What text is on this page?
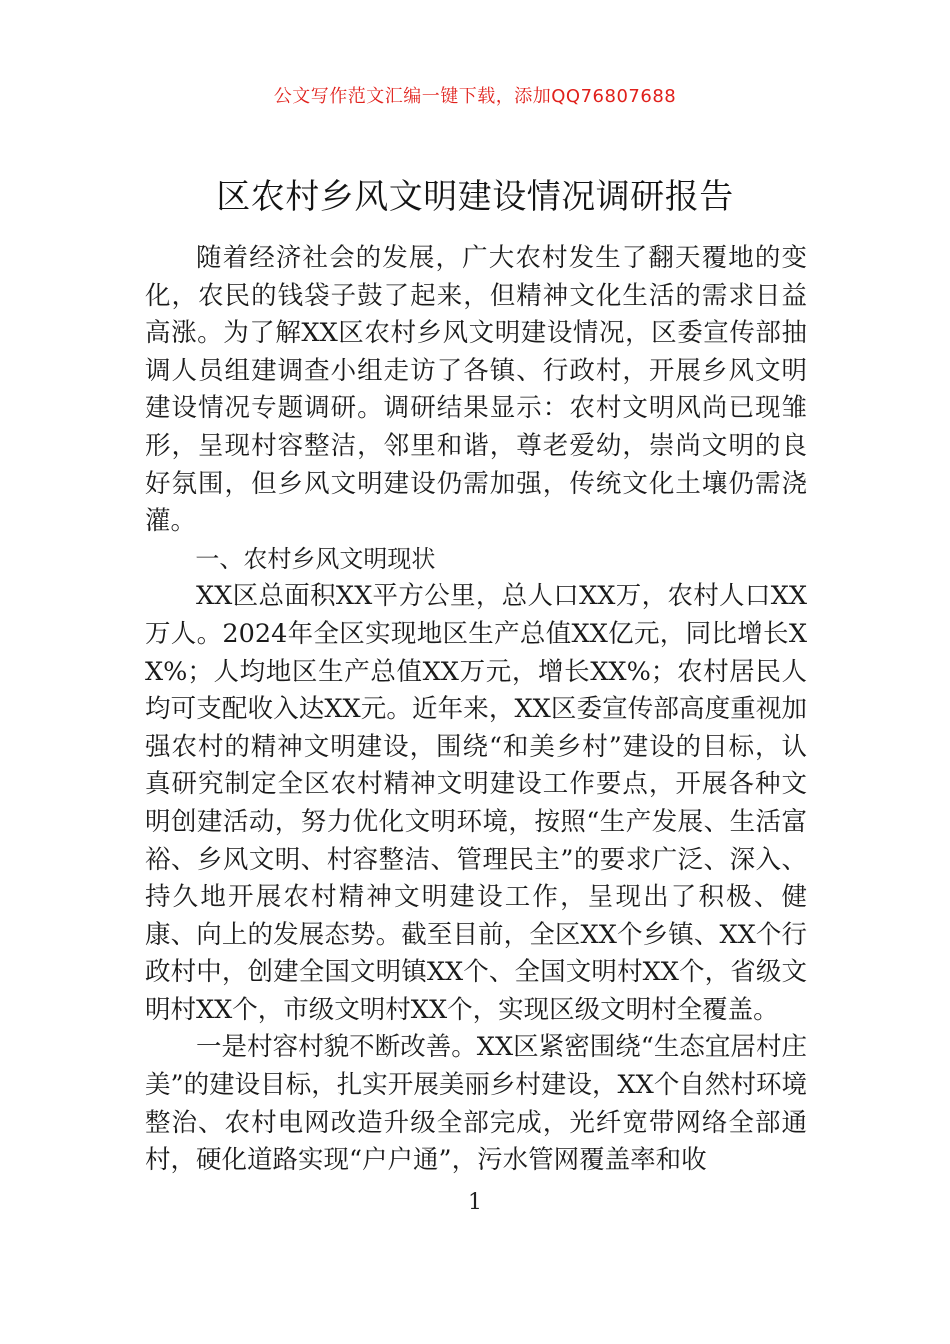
公文写作范文汇编一键下载，添加QQ76807688
区农村乡风文明建设情况调研报告

随着经济社会的发展，广大农村发生了翻天覆地的变化，农民的钱袋子鼓了起来，但精神文化生活的需求日益高涨。为了解XX区农村乡风文明建设情况，区委宣传部抽调人员组建调查小组走访了各镇、行政村，开展乡风文明建设情况专题调研。调研结果显示：农村文明风尚已现雏形，呈现村容整洁，邻里和谐，尊老爱幼，崇尚文明的良好氛围，但乡风文明建设仍需加强，传统文化土壤仍需浇灌。

一、农村乡风文明现状

XX区总面积XX平方公里，总人口XX万，农村人口XX万人。2024年全区实现地区生产总值XX亿元，同比增长XX%；人均地区生产总值XX万元，增长XX%；农村居民人均可支配收入达XX元。近年来，XX区委宣传部高度重视加强农村的精神文明建设，围绕“和美乡村”建设的目标，认真研究制定全区农村精神文明建设工作要点，开展各种文明创建活动，努力优化文明环境，按照“生产发展、生活富裕、乡风文明、村容整洁、管理民主”的要求广泛、深入、持久地开展农村精神文明建设工作，呈现出了积极、健康、向上的发展态势。截至目前，全区XX个乡镇、XX个行政村中，创建全国文明镇XX个、全国文明村XX个，省级文明村XX个，市级文明村XX个，实现区级文明村全覆盖。

一是村容村貌不断改善。XX区紧密围绕“生态宜居村庄美”的建设目标，扎实开展美丽乡村建设，XX个自然村环境整治、农村电网改造升级全部完成，光纤宽带网络全部通村，硬化道路实现“户户通”，污水管网覆盖率和收

1
